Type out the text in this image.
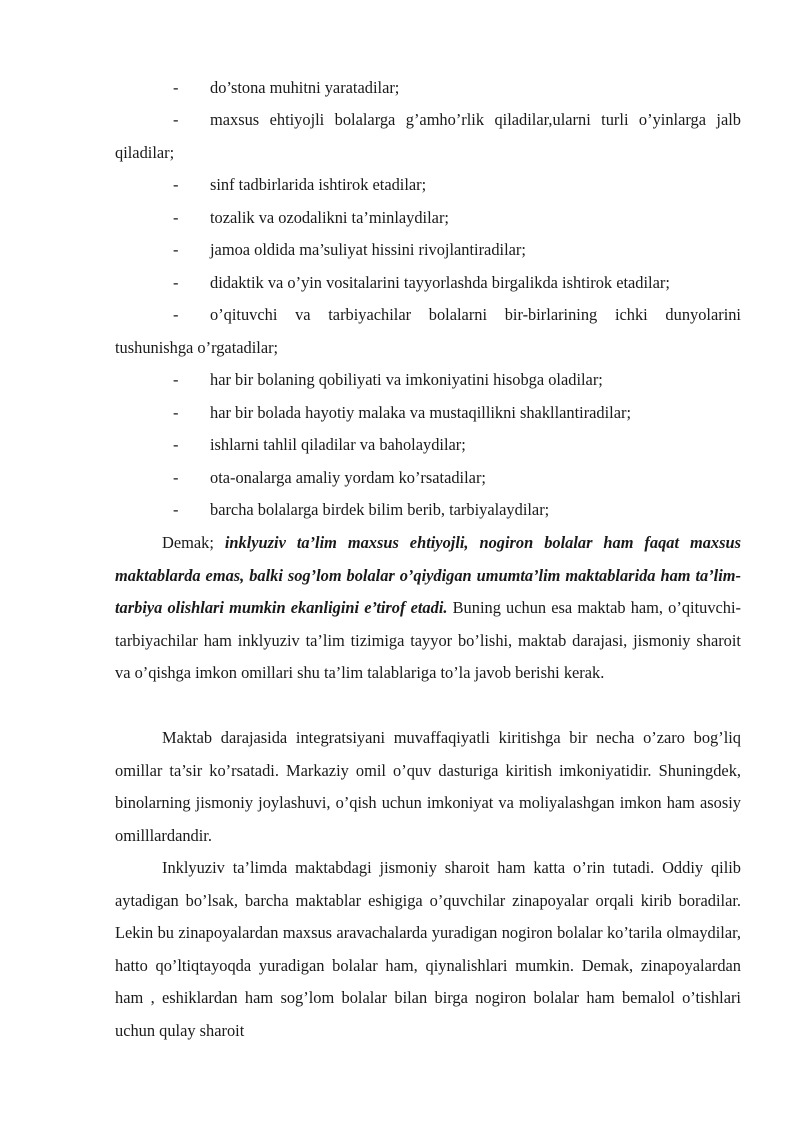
-	do’stona muhitni yaratadilar;
-	maxsus ehtiyojli bolalarga g’amho’rlik qiladilar,ularni turli o’yinlarga jalb qiladilar;
-	sinf tadbirlarida ishtirok etadilar;
-	tozalik va ozodalikni ta’minlaydilar;
-	jamoa oldida ma’suliyat hissini rivojlantiradilar;
-	didaktik va o’yin vositalarini tayyorlashda birgalikda ishtirok etadilar;
-	o’qituvchi va tarbiyachilar bolalarni bir-birlarining ichki dunyolarini tushunishga o’rgatadilar;
-	har bir bolaning qobiliyati va imkoniyatini hisobga oladilar;
-	har bir bolada hayotiy malaka va mustaqillikni shakllantiradilar;
-	ishlarni tahlil qiladilar va baholaydilar;
-	ota-onalarga amaliy yordam ko’rsatadilar;
-	barcha bolalarga birdek bilim berib, tarbiyalaydilar;

Demak; inklyuziv ta’lim maxsus ehtiyojli, nogiron bolalar ham faqat maxsus maktablarda emas, balki sog’lom bolalar o’qiydigan umumta’lim maktablarida ham ta’lim-tarbiya olishlari mumkin ekanligini e’tirof etadi. Buning uchun esa maktab ham, o’qituvchi-tarbiyachilar ham inklyuziv ta’lim tizimiga tayyor bo’lishi, maktab darajasi, jismoniy sharoit va o’qishga imkon omillari shu ta’lim talablariga to’la javob berishi kerak.

Maktab darajasida integratsiyani muvaffaqiyatli kiritishga bir necha o’zaro bog’liq omillar ta’sir ko’rsatadi. Markaziy omil o’quv dasturiga kiritish imkoniyatidir. Shuningdek, binolarning jismoniy joylashuvi, o’qish uchun imkoniyat va moliyalashgan imkon ham asosiy omilllardandir.

Inklyuziv ta’limda maktabdagi jismoniy sharoit ham katta o’rin tutadi. Oddiy qilib aytadigan bo’lsak, barcha maktablar eshigiga o’quvchilar zinapoyalar orqali kirib boradilar. Lekin bu zinapoyalardan maxsus aravachalarda yuradigan nogiron bolalar ko’tarila olmaydilar, hatto qo’ltiqtayoqda yuradigan bolalar ham, qiynalishlari mumkin. Demak, zinapoyalardan ham , eshiklardan ham sog’lom bolalar bilan birga nogiron bolalar ham bemalol o’tishlari uchun qulay sharoit
